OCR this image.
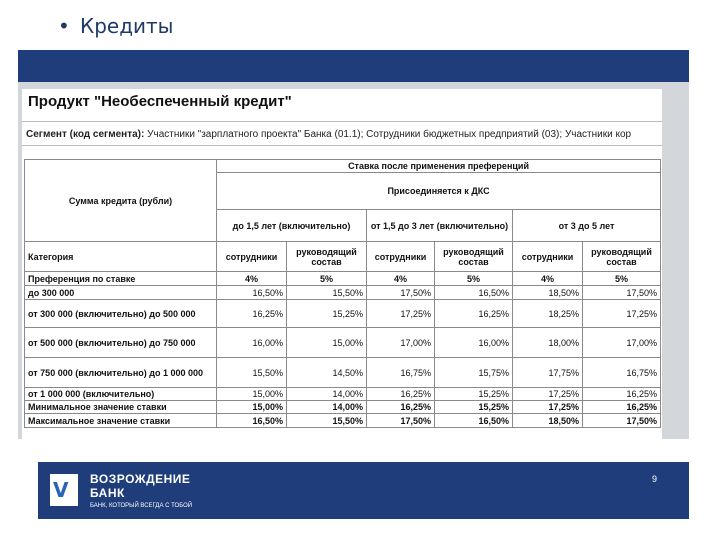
• Кредиты
Продукт "Необеспеченный кредит"
Сегмент (код сегмента): Участники "зарплатного проекта" Банка (01.1); Сотрудники бюджетных предприятий (03); Участники кор
Сумма кредита (рубли)	Ставка после применения преференций					
	Присоединяется к ДКС					
	до 1,5 лет (включительно)		от 1,5 до 3 лет (включительно)		от 3 до 5 лет	
Категория	сотрудники	руководящий состав	сотрудники	руководящий состав	сотрудники	руководящий состав
Преференция по ставке	4%	5%	4%	5%	4%	5%
до 300 000	16,50%	15,50%	17,50%	16,50%	18,50%	17,50%
от 300 000 (включительно) до 500 000	16,25%	15,25%	17,25%	16,25%	18,25%	17,25%
от 500 000 (включительно) до 750 000	16,00%	15,00%	17,00%	16,00%	18,00%	17,00%
от 750 000 (включительно) до 1 000 000	15,50%	14,50%	16,75%	15,75%	17,75%	16,75%
от 1 000 000 (включительно)	15,00%	14,00%	16,25%	15,25%	17,25%	16,25%
Минимальное значение ставки	15,00%	14,00%	16,25%	15,25%	17,25%	16,25%
Максимальное значение ставки	16,50%	15,50%	17,50%	16,50%	18,50%	17,50%
V ВОЗРОЖДЕНИЕ
БАНК
БАНК, КОТОРЫЙ ВСЕГДА С ТОБОЙ
9
